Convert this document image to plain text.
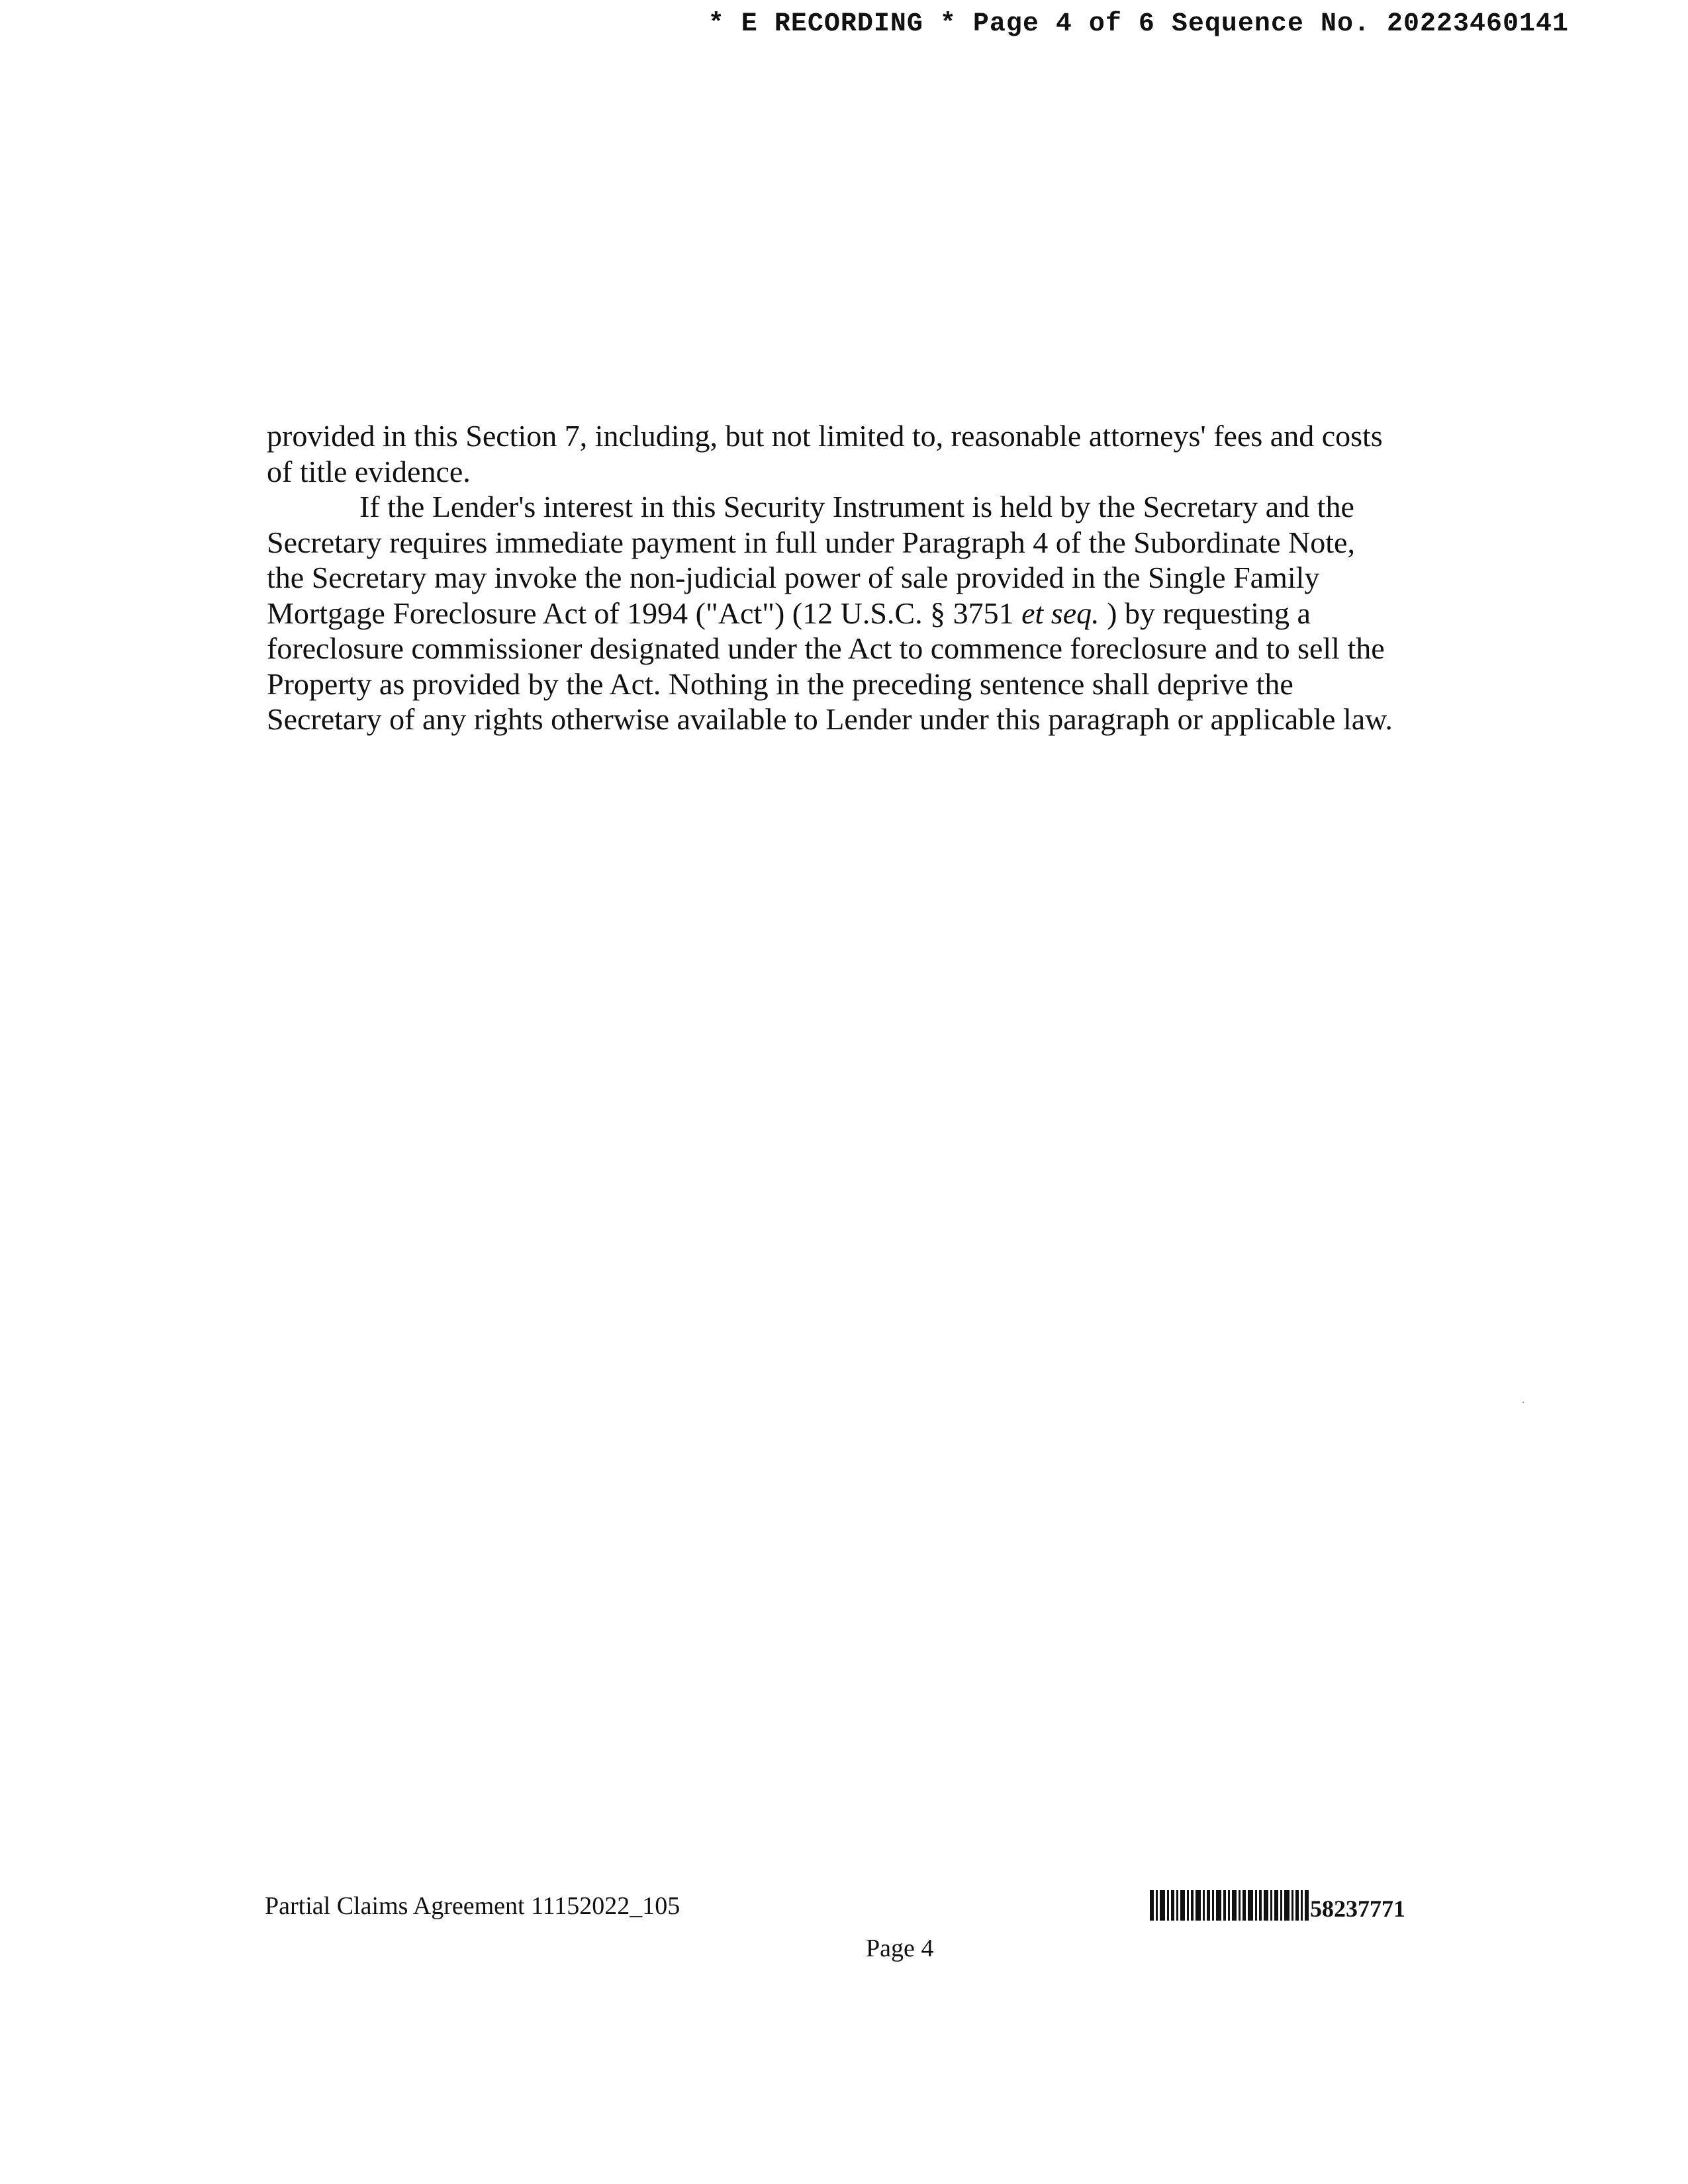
* E RECORDING * Page 4 of 6 Sequence No. 20223460141
provided in this Section 7, including, but not limited to, reasonable attorneys' fees and costs
of title evidence.
If the Lender's interest in this Security Instrument is held by the Secretary and the
Secretary requires immediate payment in full under Paragraph 4 of the Subordinate Note,
the Secretary may invoke the non-judicial power of sale provided in the Single Family
Mortgage Foreclosure Act of 1994 ("Act") (12 U.S.C. § 3751 et seq. ) by requesting a
foreclosure commissioner designated under the Act to commence foreclosure and to sell the
Property as provided by the Act. Nothing in the preceding sentence shall deprive the
Secretary of any rights otherwise available to Lender under this paragraph or applicable law.
Partial Claims Agreement 11152022_105	58237771
Page 4
